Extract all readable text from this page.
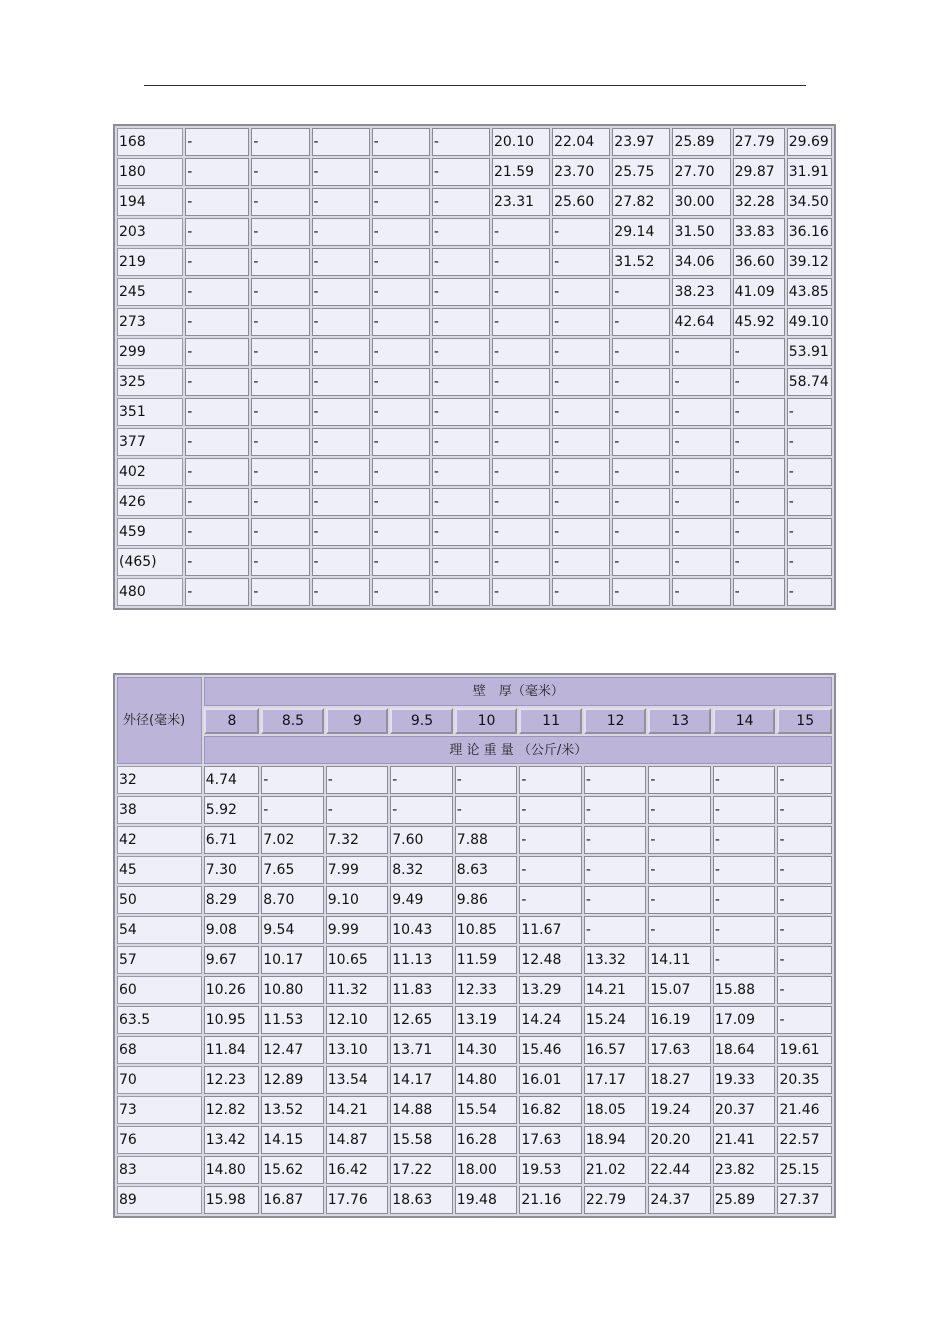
168	-	-	-	-	-	20.10	22.04	23.97	25.89	27.79	29.69
180	-	-	-	-	-	21.59	23.70	25.75	27.70	29.87	31.91
194	-	-	-	-	-	23.31	25.60	27.82	30.00	32.28	34.50
203	-	-	-	-	-	-	-	29.14	31.50	33.83	36.16
219	-	-	-	-	-	-	-	31.52	34.06	36.60	39.12
245	-	-	-	-	-	-	-	-	38.23	41.09	43.85
273	-	-	-	-	-	-	-	-	42.64	45.92	49.10
299	-	-	-	-	-	-	-	-	-	-	53.91
325	-	-	-	-	-	-	-	-	-	-	58.74
351	-	-	-	-	-	-	-	-	-	-	-
377	-	-	-	-	-	-	-	-	-	-	-
402	-	-	-	-	-	-	-	-	-	-	-
426	-	-	-	-	-	-	-	-	-	-	-
459	-	-	-	-	-	-	-	-	-	-	-
(465)	-	-	-	-	-	-	-	-	-	-	-
480	-	-	-	-	-	-	-	-	-	-	-
外径(毫米)	壁　厚（毫米）									
	8	8.5	9	9.5	10	11	12	13	14	15
	理 论 重 量 （公斤/米）									
32	4.74	-	-	-	-	-	-	-	-	-
38	5.92	-	-	-	-	-	-	-	-	-
42	6.71	7.02	7.32	7.60	7.88	-	-	-	-	-
45	7.30	7.65	7.99	8.32	8.63	-	-	-	-	-
50	8.29	8.70	9.10	9.49	9.86	-	-	-	-	-
54	9.08	9.54	9.99	10.43	10.85	11.67	-	-	-	-
57	9.67	10.17	10.65	11.13	11.59	12.48	13.32	14.11	-	-
60	10.26	10.80	11.32	11.83	12.33	13.29	14.21	15.07	15.88	-
63.5	10.95	11.53	12.10	12.65	13.19	14.24	15.24	16.19	17.09	-
68	11.84	12.47	13.10	13.71	14.30	15.46	16.57	17.63	18.64	19.61
70	12.23	12.89	13.54	14.17	14.80	16.01	17.17	18.27	19.33	20.35
73	12.82	13.52	14.21	14.88	15.54	16.82	18.05	19.24	20.37	21.46
76	13.42	14.15	14.87	15.58	16.28	17.63	18.94	20.20	21.41	22.57
83	14.80	15.62	16.42	17.22	18.00	19.53	21.02	22.44	23.82	25.15
89	15.98	16.87	17.76	18.63	19.48	21.16	22.79	24.37	25.89	27.37
